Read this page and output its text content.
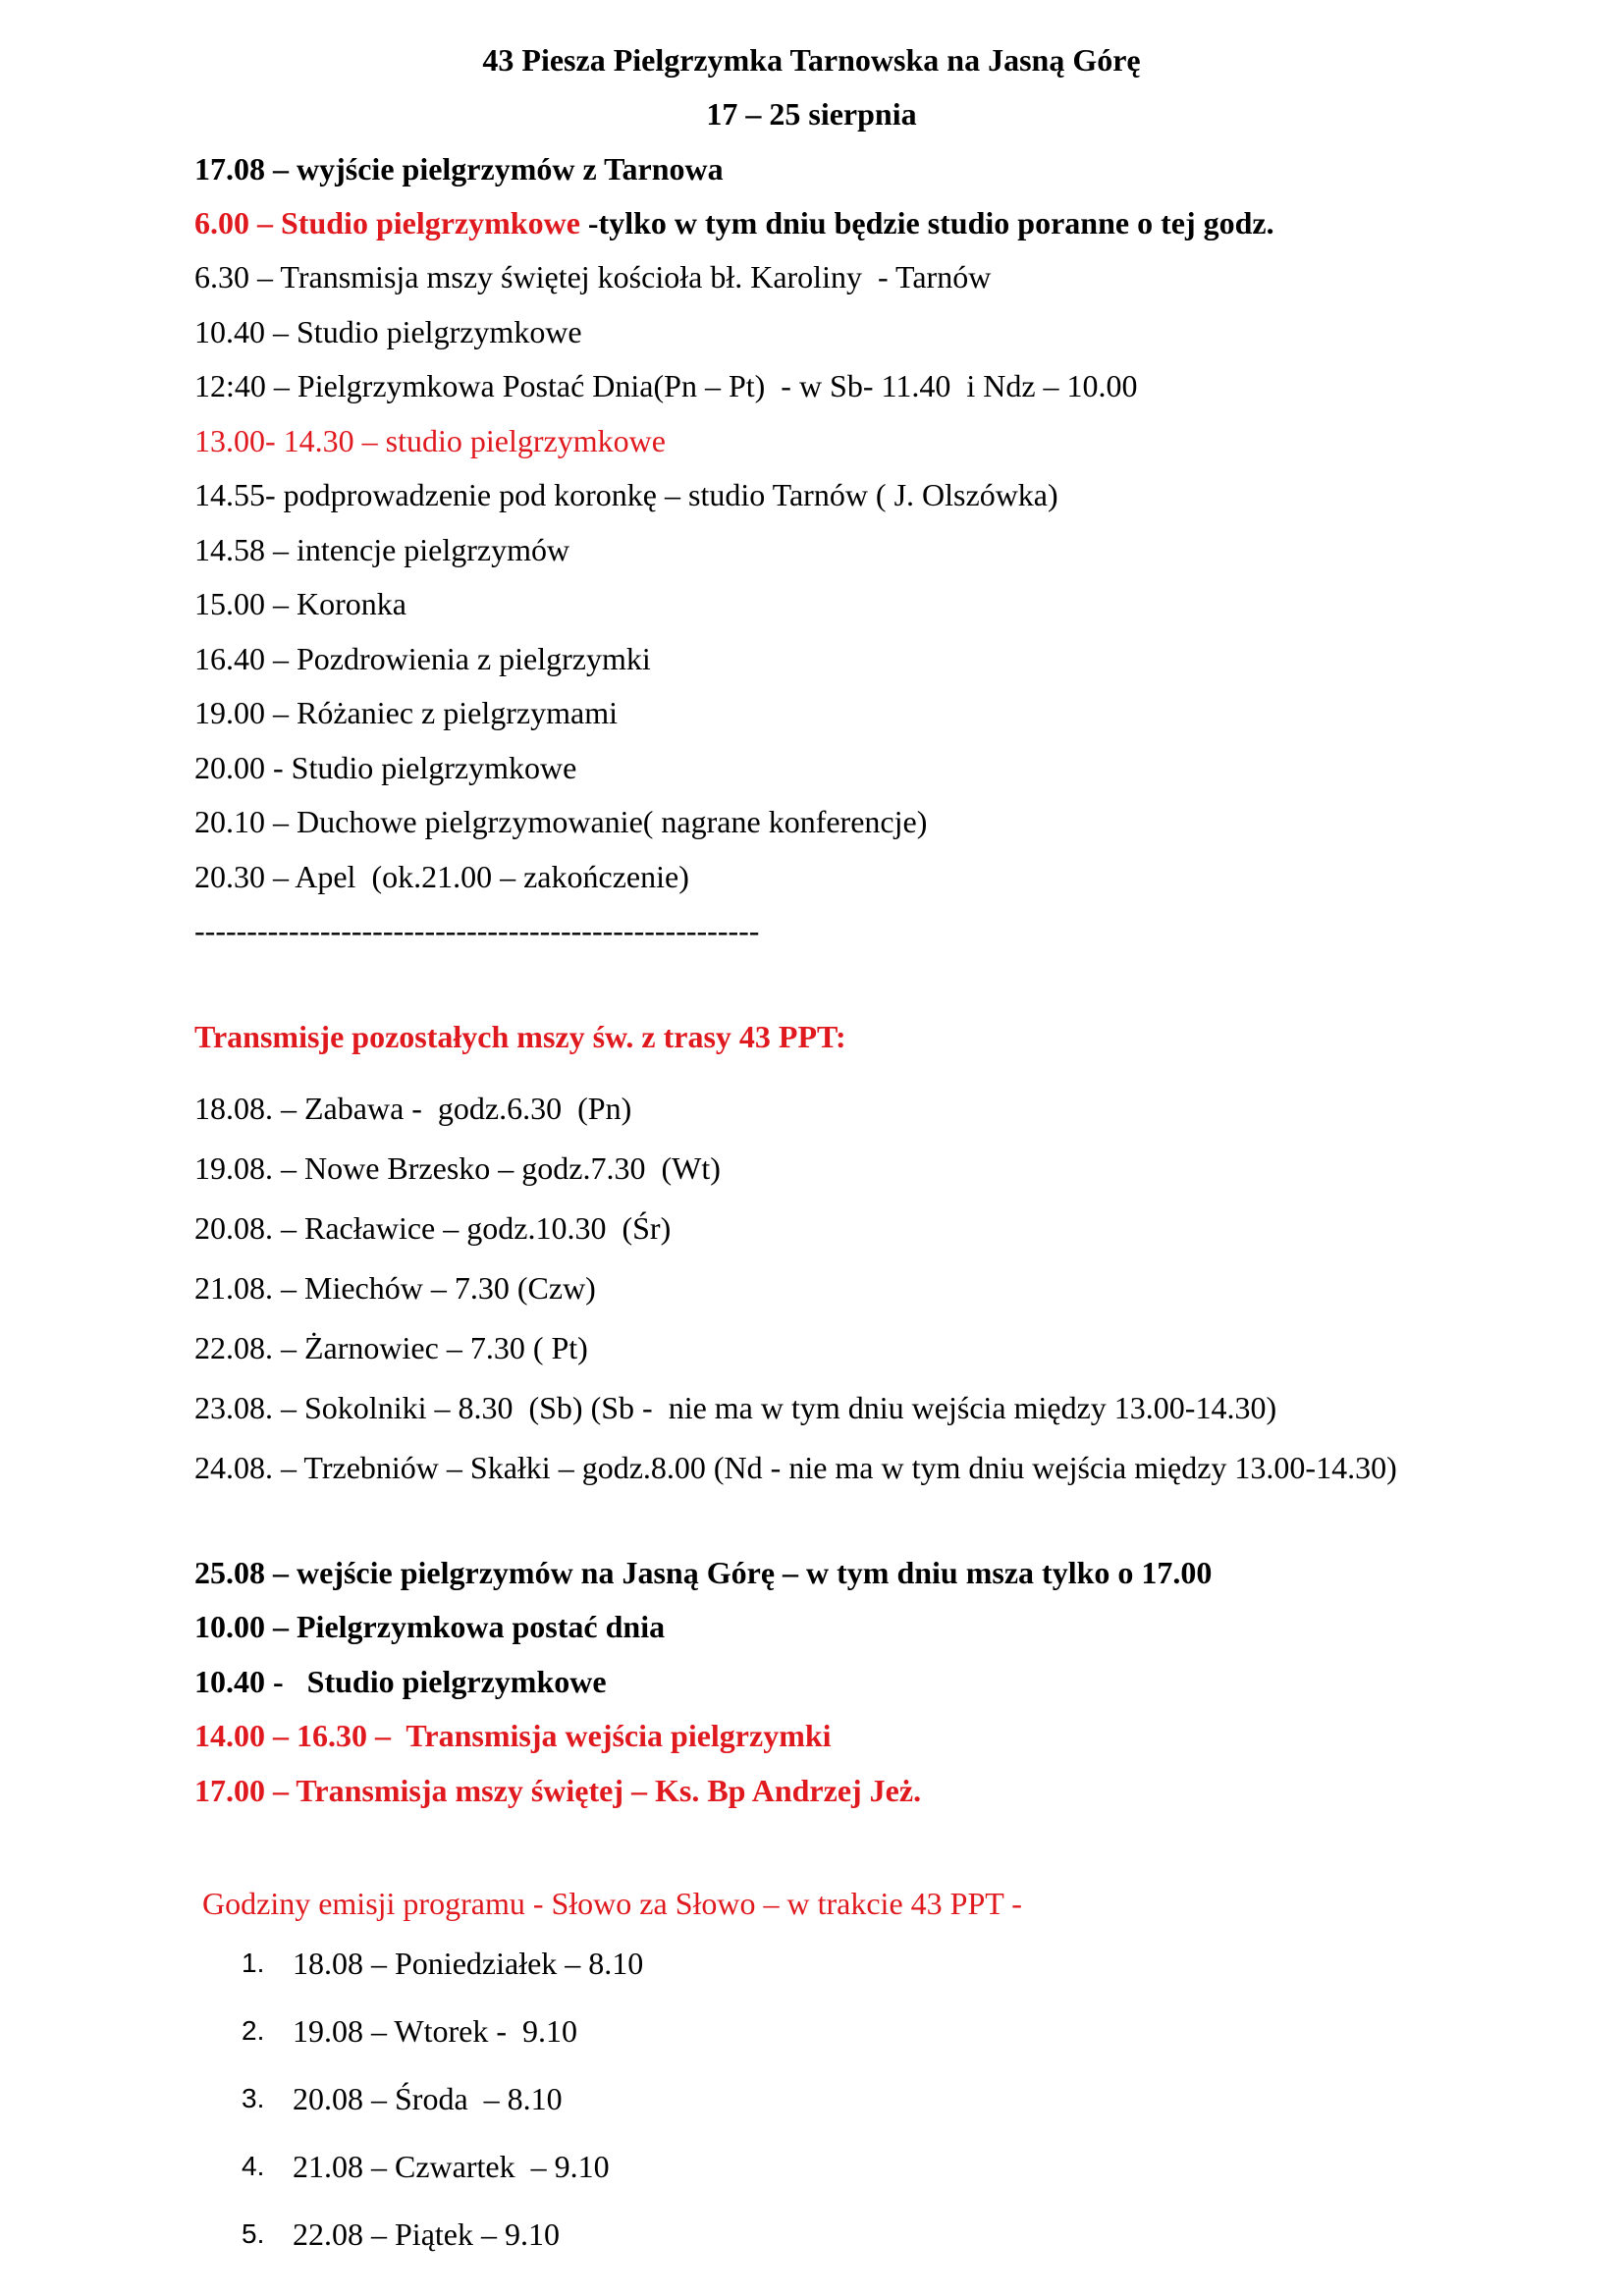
43 Piesza Pielgrzymka Tarnowska na Jasną Górę
17 – 25 sierpnia
17.08 – wyjście pielgrzymów z Tarnowa
6.00 – Studio pielgrzymkowe -tylko w tym dniu będzie studio poranne o tej godz.
6.30 – Transmisja mszy świętej kościoła bł. Karoliny  - Tarnów
10.40 – Studio pielgrzymkowe
12:40 – Pielgrzymkowa Postać Dnia(Pn – Pt)  - w Sb- 11.40  i Ndz – 10.00
13.00- 14.30 – studio pielgrzymkowe
14.55- podprowadzenie pod koronkę – studio Tarnów ( J. Olszówka)
14.58 – intencje pielgrzymów
15.00 – Koronka
16.40 – Pozdrowienia z pielgrzymki
19.00 – Różaniec z pielgrzymami
20.00 - Studio pielgrzymkowe
20.10 – Duchowe pielgrzymowanie( nagrane konferencje)
20.30 – Apel  (ok.21.00 – zakończenie)
------------------------------------------------------
Transmisje pozostałych mszy św. z trasy 43 PPT:
18.08. – Zabawa -  godz.6.30  (Pn)
19.08. – Nowe Brzesko – godz.7.30  (Wt)
20.08. – Racławice – godz.10.30  (Śr)
21.08. – Miechów – 7.30 (Czw)
22.08. – Żarnowiec – 7.30 ( Pt)
23.08. – Sokolniki – 8.30  (Sb) (Sb -  nie ma w tym dniu wejścia między 13.00-14.30)
24.08. – Trzebniów – Skałki – godz.8.00 (Nd - nie ma w tym dniu wejścia między 13.00-14.30)
25.08 – wejście pielgrzymów na Jasną Górę – w tym dniu msza tylko o 17.00
10.00 – Pielgrzymkowa postać dnia
10.40 -   Studio pielgrzymkowe
14.00 – 16.30 –  Transmisja wejścia pielgrzymki
17.00 – Transmisja mszy świętej – Ks. Bp Andrzej Jeż.
Godziny emisji programu - Słowo za Słowo – w trakcie 43 PPT -
1. 18.08 – Poniedziałek – 8.10
2. 19.08 – Wtorek -  9.10
3. 20.08 – Środa  – 8.10
4. 21.08 – Czwartek  – 9.10
5. 22.08 – Piątek – 9.10
